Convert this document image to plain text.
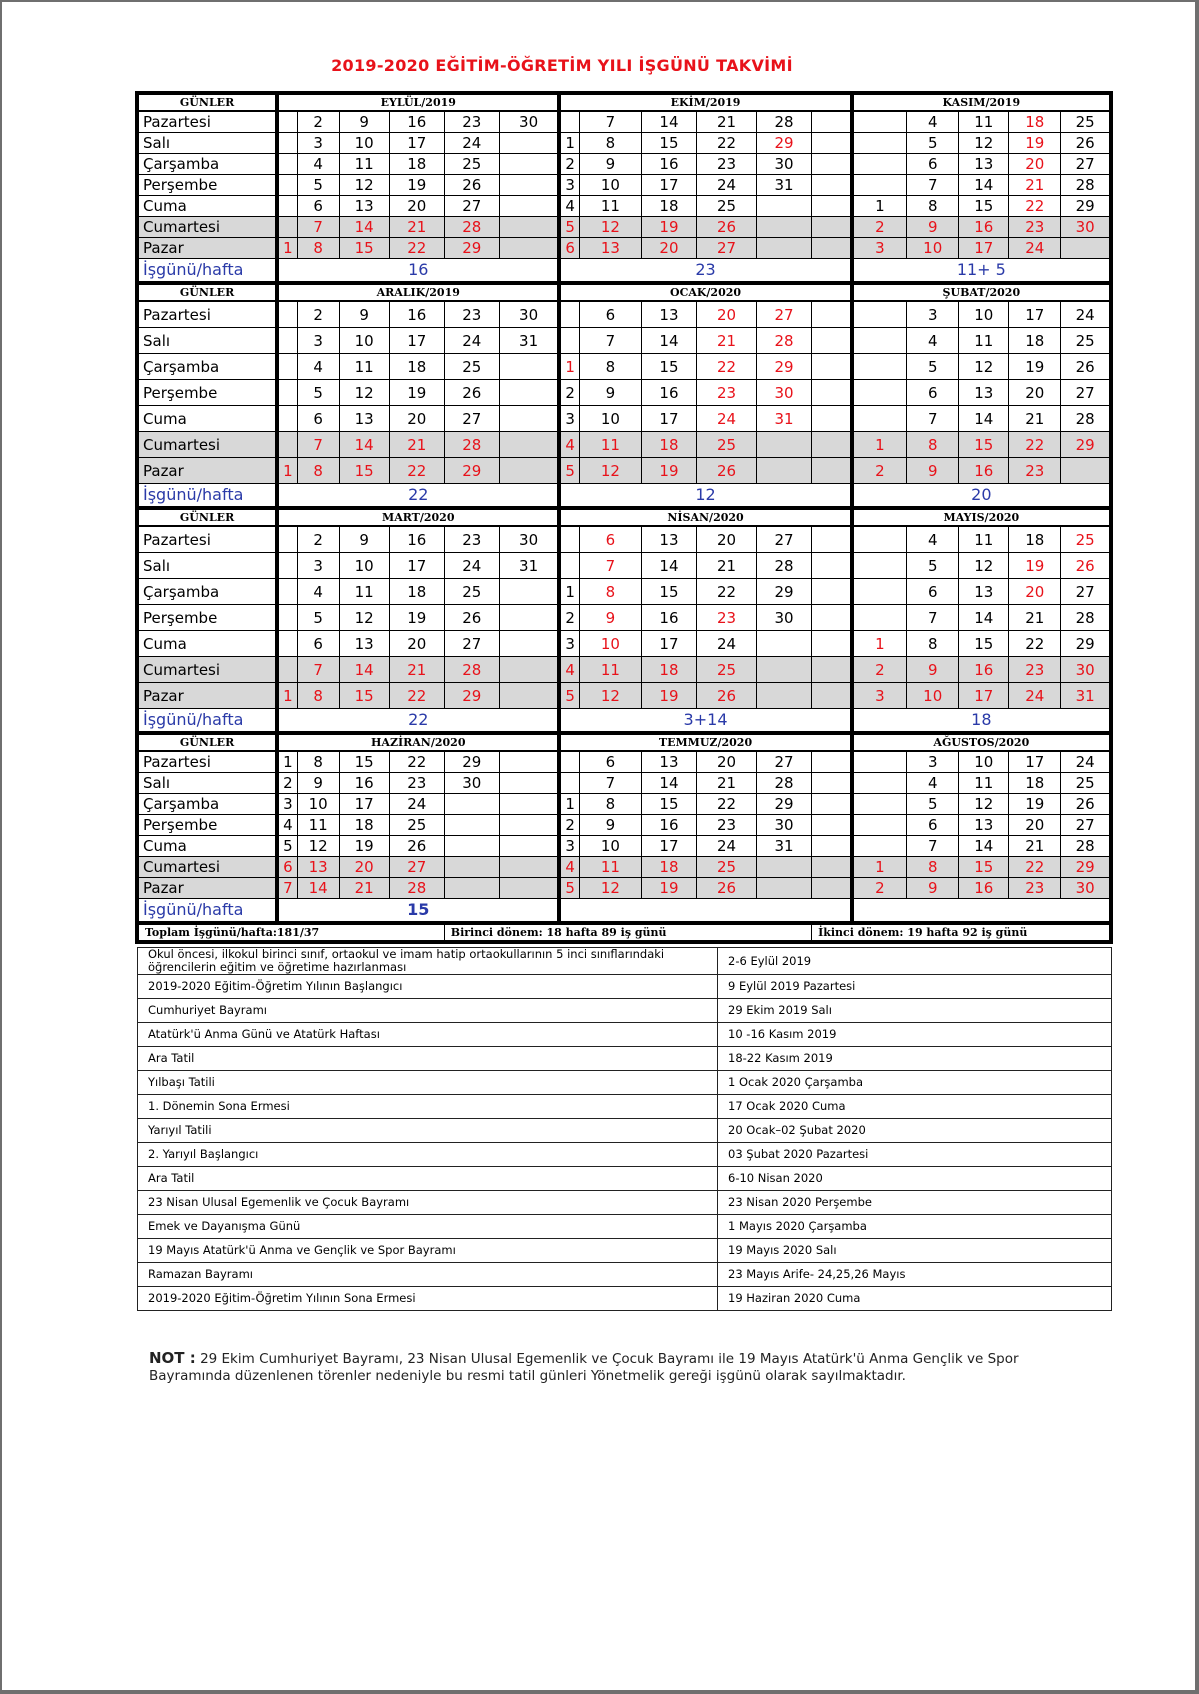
2019-2020 EĞİTİM-ÖĞRETİM YILI İŞGÜNÜ TAKVİMİ
GÜNLER	EYLÜL/2019						EKİM/2019						KASIM/2019				
Pazartesi		2	9	16	23	30		7	14	21	28			4	11	18	25
Salı		3	10	17	24		1	8	15	22	29			5	12	19	26
Çarşamba		4	11	18	25		2	9	16	23	30			6	13	20	27
Perşembe		5	12	19	26		3	10	17	24	31			7	14	21	28
Cuma		6	13	20	27		4	11	18	25			1	8	15	22	29
Cumartesi		7	14	21	28		5	12	19	26			2	9	16	23	30
Pazar	1	8	15	22	29		6	13	20	27			3	10	17	24	
İşgünü/hafta	16						23						11+ 5				
GÜNLER	ARALIK/2019						OCAK/2020						ŞUBAT/2020				
Pazartesi		2	9	16	23	30		6	13	20	27			3	10	17	24
Salı		3	10	17	24	31		7	14	21	28			4	11	18	25
Çarşamba		4	11	18	25		1	8	15	22	29			5	12	19	26
Perşembe		5	12	19	26		2	9	16	23	30			6	13	20	27
Cuma		6	13	20	27		3	10	17	24	31			7	14	21	28
Cumartesi		7	14	21	28		4	11	18	25			1	8	15	22	29
Pazar	1	8	15	22	29		5	12	19	26			2	9	16	23	
İşgünü/hafta	22						12						20				
GÜNLER	MART/2020						NİSAN/2020						MAYIS/2020				
Pazartesi		2	9	16	23	30		6	13	20	27			4	11	18	25
Salı		3	10	17	24	31		7	14	21	28			5	12	19	26
Çarşamba		4	11	18	25		1	8	15	22	29			6	13	20	27
Perşembe		5	12	19	26		2	9	16	23	30			7	14	21	28
Cuma		6	13	20	27		3	10	17	24			1	8	15	22	29
Cumartesi		7	14	21	28		4	11	18	25			2	9	16	23	30
Pazar	1	8	15	22	29		5	12	19	26			3	10	17	24	31
İşgünü/hafta	22						3+14						18				
GÜNLER	HAZİRAN/2020						TEMMUZ/2020						AĞUSTOS/2020				
Pazartesi	1	8	15	22	29			6	13	20	27			3	10	17	24
Salı	2	9	16	23	30			7	14	21	28			4	11	18	25
Çarşamba	3	10	17	24			1	8	15	22	29			5	12	19	26
Perşembe	4	11	18	25			2	9	16	23	30			6	13	20	27
Cuma	5	12	19	26			3	10	17	24	31			7	14	21	28
Cumartesi	6	13	20	27			4	11	18	25			1	8	15	22	29
Pazar	7	14	21	28			5	12	19	26			2	9	16	23	30
İşgünü/hafta	15																
Toplam İşgünü/hafta:181/37					Birinci dönem: 18 hafta 89 iş günü							İkinci dönem: 19 hafta 92 iş günü					
Okul öncesi, ilkokul birinci sınıf, ortaokul ve imam hatip ortaokullarının 5 inci sınıflarındaki öğrencilerin eğitim ve öğretime hazırlanması	2-6 Eylül 2019
2019-2020 Eğitim-Öğretim Yılının Başlangıcı	9 Eylül 2019 Pazartesi
Cumhuriyet Bayramı	29 Ekim 2019 Salı
Atatürk'ü Anma Günü ve Atatürk Haftası	10 -16 Kasım 2019
Ara Tatil	18-22 Kasım 2019
Yılbaşı Tatili	1 Ocak 2020 Çarşamba
1. Dönemin Sona Ermesi	17 Ocak 2020 Cuma
Yarıyıl Tatili	20 Ocak–02 Şubat 2020
2. Yarıyıl Başlangıcı	03 Şubat 2020 Pazartesi
Ara Tatil	6-10 Nisan 2020
23 Nisan Ulusal Egemenlik ve Çocuk Bayramı	23 Nisan 2020 Perşembe
Emek ve Dayanışma Günü	1 Mayıs 2020 Çarşamba
19 Mayıs Atatürk'ü Anma ve Gençlik ve Spor Bayramı	19 Mayıs 2020 Salı
Ramazan Bayramı	23 Mayıs Arife- 24,25,26 Mayıs
2019-2020 Eğitim-Öğretim Yılının Sona Ermesi	19 Haziran 2020 Cuma
NOT : 29 Ekim Cumhuriyet Bayramı, 23 Nisan Ulusal Egemenlik ve Çocuk Bayramı ile 19 Mayıs Atatürk'ü Anma Gençlik ve Spor Bayramında düzenlenen törenler nedeniyle bu resmi tatil günleri Yönetmelik gereği işgünü olarak sayılmaktadır.
